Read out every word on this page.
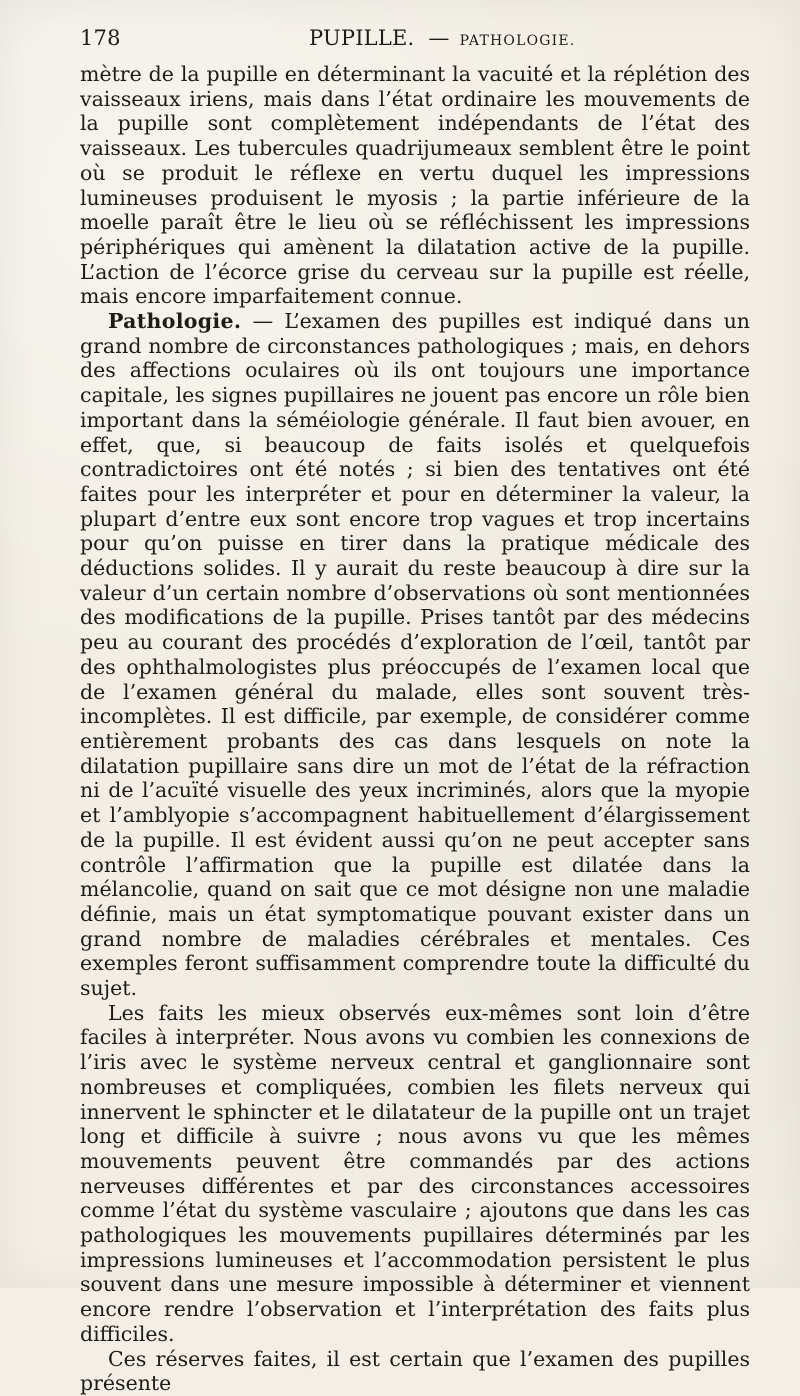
178	PUPILLE. — PATHOLOGIE.

mètre de la pupille en déterminant la vacuité et la réplétion des vaisseaux iriens, mais dans l’état ordinaire les mouvements de la pupille sont complètement indépendants de l’état des vaisseaux. Les tubercules quadrijumeaux semblent être le point où se produit le réflexe en vertu duquel les impressions lumineuses produisent le myosis ; la partie inférieure de la moelle paraît être le lieu où se réfléchissent les impressions périphériques qui amènent la dilatation active de la pupille. L’action de l’écorce grise du cerveau sur la pupille est réelle, mais encore imparfaitement connue.

Pathologie. — L’examen des pupilles est indiqué dans un grand nombre de circonstances pathologiques ; mais, en dehors des affections oculaires où ils ont toujours une importance capitale, les signes pupillaires ne jouent pas encore un rôle bien important dans la séméiologie générale. Il faut bien avouer, en effet, que, si beaucoup de faits isolés et quelquefois contradictoires ont été notés ; si bien des tentatives ont été faites pour les interpréter et pour en déterminer la valeur, la plupart d’entre eux sont encore trop vagues et trop incertains pour qu’on puisse en tirer dans la pratique médicale des déductions solides. Il y aurait du reste beaucoup à dire sur la valeur d’un certain nombre d’observations où sont mentionnées des modifications de la pupille. Prises tantôt par des médecins peu au courant des procédés d’exploration de l’œil, tantôt par des ophthalmologistes plus préoccupés de l’examen local que de l’examen général du malade, elles sont souvent très-incomplètes. Il est difficile, par exemple, de considérer comme entièrement probants des cas dans lesquels on note la dilatation pupillaire sans dire un mot de l’état de la réfraction ni de l’acuïté visuelle des yeux incriminés, alors que la myopie et l’amblyopie s’accompagnent habituellement d’élargissement de la pupille. Il est évident aussi qu’on ne peut accepter sans contrôle l’affirmation que la pupille est dilatée dans la mélancolie, quand on sait que ce mot désigne non une maladie définie, mais un état symptomatique pouvant exister dans un grand nombre de maladies cérébrales et mentales. Ces exemples feront suffisamment comprendre toute la difficulté du sujet.

Les faits les mieux observés eux-mêmes sont loin d’être faciles à interpréter. Nous avons vu combien les connexions de l’iris avec le système nerveux central et ganglionnaire sont nombreuses et compliquées, combien les filets nerveux qui innervent le sphincter et le dilatateur de la pupille ont un trajet long et difficile à suivre ; nous avons vu que les mêmes mouvements peuvent être commandés par des actions nerveuses différentes et par des circonstances accessoires comme l’état du système vasculaire ; ajoutons que dans les cas pathologiques les mouvements pupillaires déterminés par les impressions lumineuses et l’accommodation persistent le plus souvent dans une mesure impossible à déterminer et viennent encore rendre l’observation et l’interprétation des faits plus difficiles.

Ces réserves faites, il est certain que l’examen des pupilles présente
